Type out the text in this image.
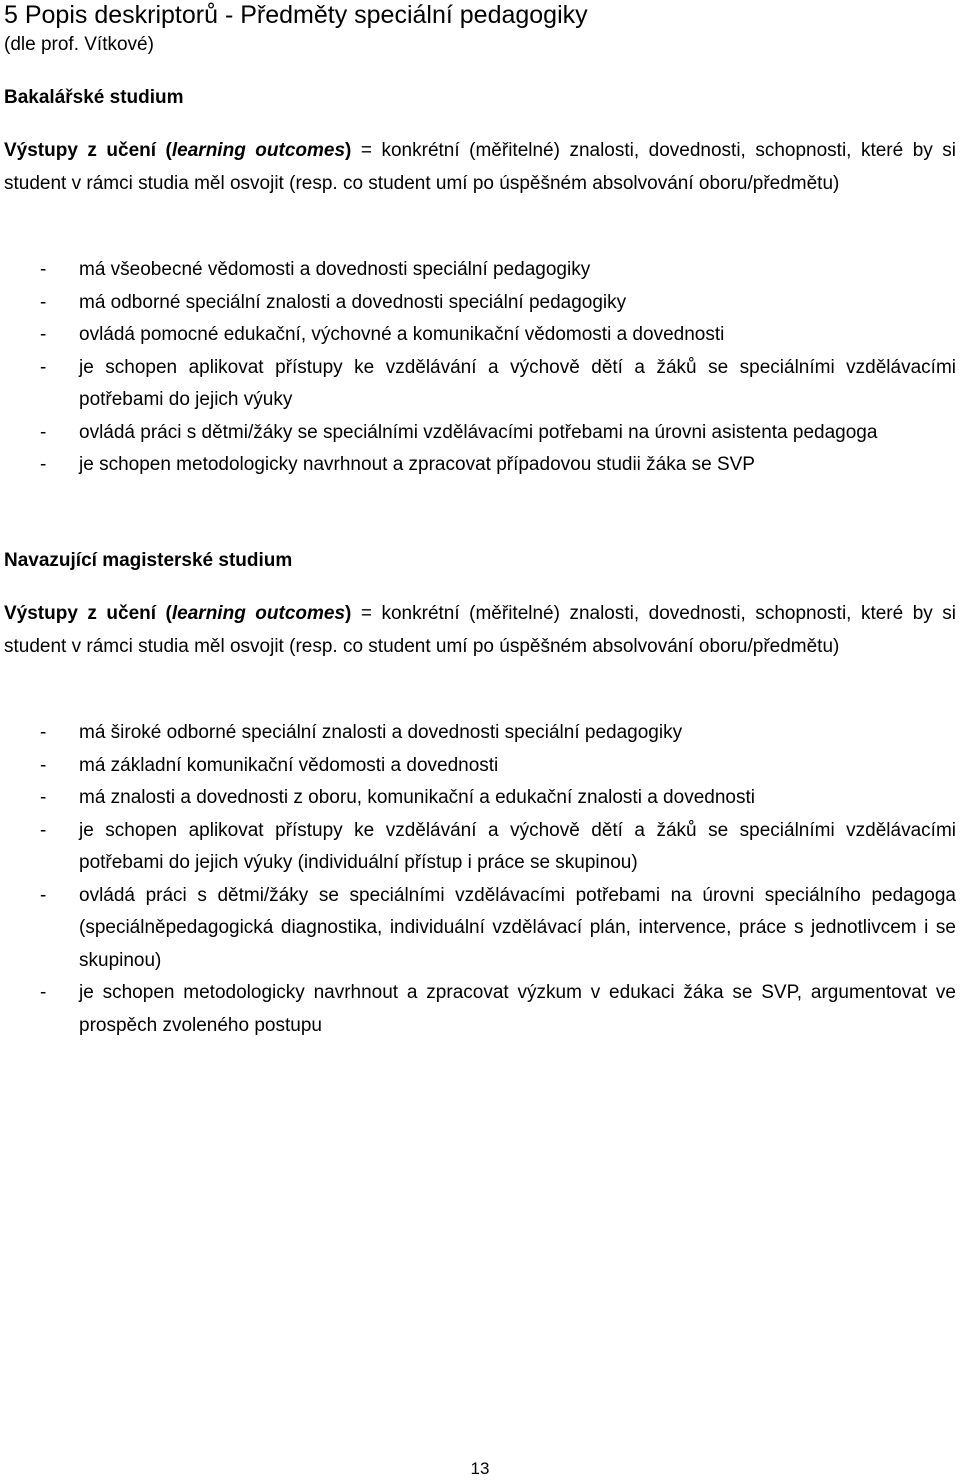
5 Popis deskriptorů - Předměty speciální pedagogiky
(dle prof. Vítkové)
Bakalářské studium

Výstupy z učení (learning outcomes) = konkrétní (měřitelné) znalosti, dovednosti, schopnosti, které by si student v rámci studia měl osvojit (resp. co student umí po úspěšném absolvování oboru/předmětu)

- má všeobecné vědomosti a dovednosti speciální pedagogiky
- má odborné speciální znalosti a dovednosti speciální pedagogiky
- ovládá pomocné edukační, výchovné a komunikační vědomosti a dovednosti
- je schopen aplikovat přístupy ke vzdělávání a výchově dětí a žáků se speciálními vzdělávacími potřebami do jejich výuky
- ovládá práci s dětmi/žáky se speciálními vzdělávacími potřebami na úrovni asistenta pedagoga
- je schopen metodologicky navrhnout a zpracovat případovou studii žáka se SVP
Navazující magisterské studium

Výstupy z učení (learning outcomes) = konkrétní (měřitelné) znalosti, dovednosti, schopnosti, které by si student v rámci studia měl osvojit (resp. co student umí po úspěšném absolvování oboru/předmětu)

- má široké odborné speciální znalosti a dovednosti speciální pedagogiky
- má základní komunikační vědomosti a dovednosti
- má znalosti a dovednosti z oboru, komunikační a edukační znalosti a dovednosti
- je schopen aplikovat přístupy ke vzdělávání a výchově dětí a žáků se speciálními vzdělávacími potřebami do jejich výuky (individuální přístup i práce se skupinou)
- ovládá práci s dětmi/žáky se speciálními vzdělávacími potřebami na úrovni speciálního pedagoga (speciálněpedagogická diagnostika, individuální vzdělávací plán, intervence, práce s jednotlivcem i se skupinou)
- je schopen metodologicky navrhnout a zpracovat výzkum v edukaci žáka se SVP, argumentovat ve prospěch zvoleného postupu
13
